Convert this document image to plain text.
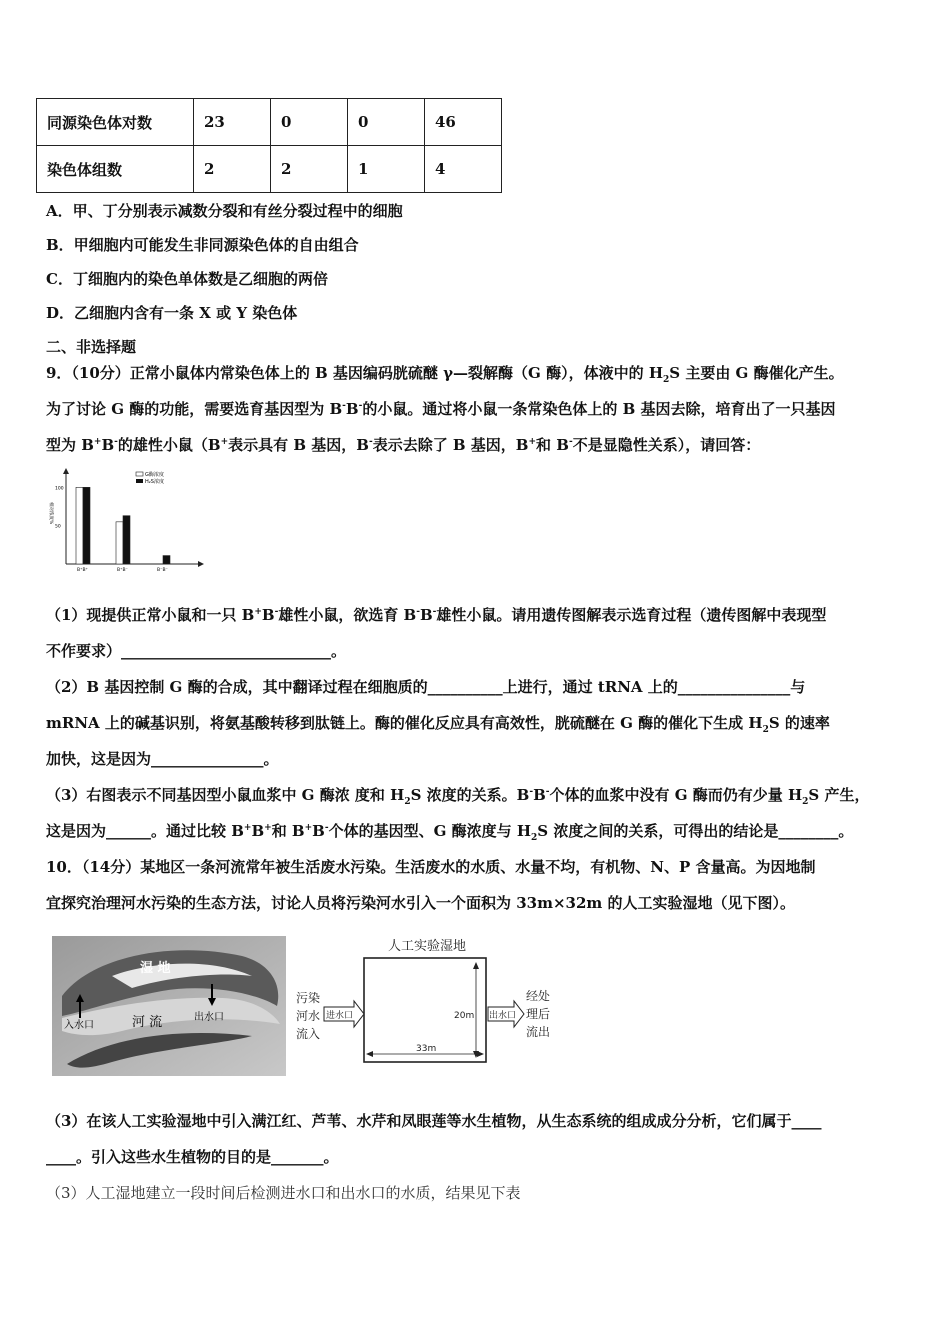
同源染色体对数	23	0	0	46
染色体组数	2	2	1	4
A．甲、丁分别表示减数分裂和有丝分裂过程中的细胞
B．甲细胞内可能发生非同源染色体的自由组合
C．丁细胞内的染色单体数是乙细胞的两倍
D．乙细胞内含有一条 X 或 Y 染色体
二、非选择题
9．（10分）正常小鼠体内常染色体上的 B 基因编码胱硫醚 γ—裂解酶（G 酶），体液中的 $H_2S$ 主要由 G 酶催化产生。
为了讨论 G 酶的功能，需要选育基因型为 B-B-的小鼠。通过将小鼠一条常染色体上的 B 基因去除，培育出了一只基因
型为 B+B-的雄性小鼠（B+表示具有 B 基因，B-表示去除了 B 基因，B+和 B-不是显隐性关系），请回答：
相对浓度%
B⁺B⁺	B⁺B⁻	B⁻B⁻
100
50
G酶浓度
H₂S浓度
（1）现提供正常小鼠和一只 B+B-雄性小鼠，欲选育 B-B-雄性小鼠。请用遗传图解表示选育过程（遗传图解中表现型
不作要求）____________________________。
（2）B 基因控制 G 酶的合成，其中翻译过程在细胞质的__________上进行，通过 tRNA 上的_______________与
mRNA 上的碱基识别，将氨基酸转移到肽链上。酶的催化反应具有高效性，胱硫醚在 G 酶的催化下生成 $H_2S$ 的速率
加快，这是因为_______________。
（3）右图表示不同基因型小鼠血浆中 G 酶浓 度和 $H_2S$ 浓度的关系。B-B-个体的血浆中没有 G 酶而仍有少量 $H_2S$ 产生，
这是因为______。通过比较 B+B+和 B+B-个体的基因型、G 酶浓度与 $H_2S$ 浓度之间的关系，可得出的结论是________。
10．（14分）某地区一条河流常年被生活废水污染。生活废水的水质、水量不均，有机物、N、P 含量高。为因地制
宜探究治理河水污染的生态方法，讨论人员将污染河水引入一个面积为 33m×32m 的人工实验湿地（见下图）。
湿 地
入水口	河 流	出水口
人工实验湿地
污染
河水
流入
进水口	出水口
经处
理后
流出
20m
33m
（3）在该人工实验湿地中引入满江红、芦苇、水芹和凤眼莲等水生植物，从生态系统的组成成分分析，它们属于____
____。引入这些水生植物的目的是_______。
（3）人工湿地建立一段时间后检测进水口和出水口的水质，结果见下表
